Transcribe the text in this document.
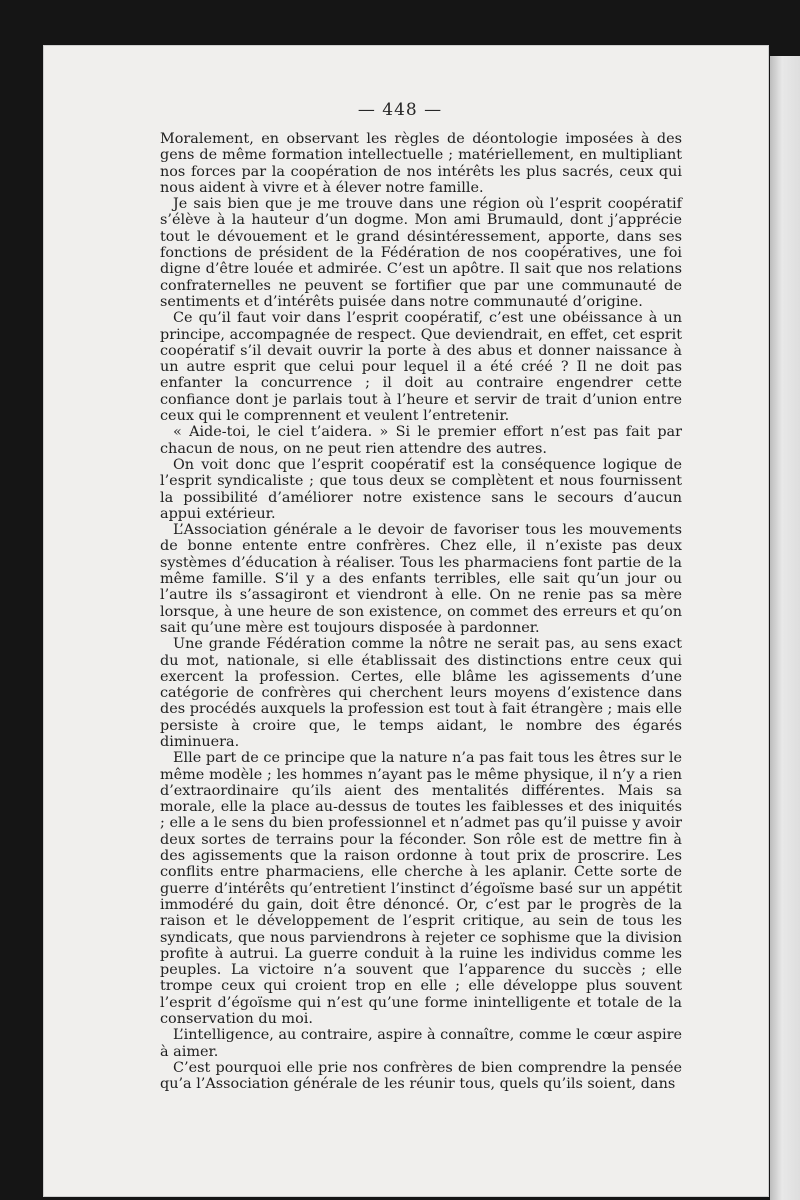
— 448 —

Moralement, en observant les règles de déontologie imposées à des gens de même formation intellectuelle ; matériellement, en multipliant nos forces par la coopération de nos intérêts les plus sacrés, ceux qui nous aident à vivre et à élever notre famille.

Je sais bien que je me trouve dans une région où l’esprit coopératif s’élève à la hauteur d’un dogme. Mon ami Brumauld, dont j’apprécie tout le dévouement et le grand désintéressement, apporte, dans ses fonctions de président de la Fédération de nos coopératives, une foi digne d’être louée et admirée. C’est un apôtre. Il sait que nos relations confraternelles ne peuvent se fortifier que par une communauté de sentiments et d’intérêts puisée dans notre communauté d’origine.

Ce qu’il faut voir dans l’esprit coopératif, c’est une obéissance à un principe, accompagnée de respect. Que deviendrait, en effet, cet esprit coopératif s’il devait ouvrir la porte à des abus et donner naissance à un autre esprit que celui pour lequel il a été créé ? Il ne doit pas enfanter la concurrence ; il doit au contraire engendrer cette confiance dont je parlais tout à l’heure et servir de trait d’union entre ceux qui le comprennent et veulent l’entretenir.

« Aide-toi, le ciel t’aidera. » Si le premier effort n’est pas fait par chacun de nous, on ne peut rien attendre des autres.

On voit donc que l’esprit coopératif est la conséquence logique de l’esprit syndicaliste ; que tous deux se complètent et nous fournissent la possibilité d’améliorer notre existence sans le secours d’aucun appui extérieur.

L’Association générale a le devoir de favoriser tous les mouvements de bonne entente entre confrères. Chez elle, il n’existe pas deux systèmes d’éducation à réaliser. Tous les pharmaciens font partie de la même famille. S’il y a des enfants terribles, elle sait qu’un jour ou l’autre ils s’assagiront et viendront à elle. On ne renie pas sa mère lorsque, à une heure de son existence, on commet des erreurs et qu’on sait qu’une mère est toujours disposée à pardonner.

Une grande Fédération comme la nôtre ne serait pas, au sens exact du mot, nationale, si elle établissait des distinctions entre ceux qui exercent la profession. Certes, elle blâme les agissements d’une catégorie de confrères qui cherchent leurs moyens d’existence dans des procédés auxquels la profession est tout à fait étrangère ; mais elle persiste à croire que, le temps aidant, le nombre des égarés diminuera.

Elle part de ce principe que la nature n’a pas fait tous les êtres sur le même modèle ; les hommes n’ayant pas le même physique, il n’y a rien d’extraordinaire qu’ils aient des mentalités différentes. Mais sa morale, elle la place au-dessus de toutes les faiblesses et des iniquités ; elle a le sens du bien professionnel et n’admet pas qu’il puisse y avoir deux sortes de terrains pour la féconder. Son rôle est de mettre fin à des agissements que la raison ordonne à tout prix de proscrire. Les conflits entre pharmaciens, elle cherche à les aplanir. Cette sorte de guerre d’intérêts qu’entretient l’instinct d’égoïsme basé sur un appétit immodéré du gain, doit être dénoncé. Or, c’est par le progrès de la raison et le développement de l’esprit critique, au sein de tous les syndicats, que nous parviendrons à rejeter ce sophisme que la division profite à autrui. La guerre conduit à la ruine les individus comme les peuples. La victoire n’a souvent que l’apparence du succès ; elle trompe ceux qui croient trop en elle ; elle développe plus souvent l’esprit d’égoïsme qui n’est qu’une forme inintelligente et totale de la conservation du moi.

L’intelligence, au contraire, aspire à connaître, comme le cœur aspire à aimer.

C’est pourquoi elle prie nos confrères de bien comprendre la pensée qu’a l’Association générale de les réunir tous, quels qu’ils soient, dans
